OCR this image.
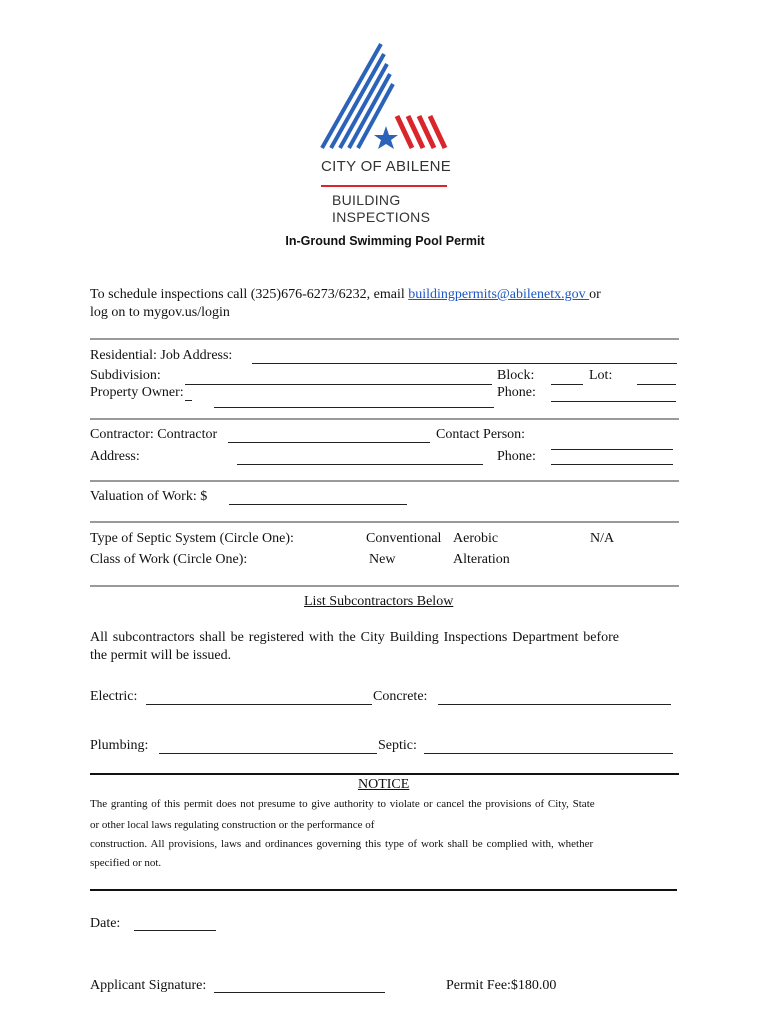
CITY OF ABILENE
BUILDING
INSPECTIONS
In-Ground Swimming Pool Permit
To schedule inspections call (325)676-6273/6232, email buildingpermits@abilenetx.gov or
log on to mygov.us/login
Residential: Job Address:
Subdivision:	Block:	Lot:
Property Owner:	Phone:
Contractor: Contractor	Contact Person:
Address:	Phone:
Valuation of Work: $
Type of Septic System (Circle One):	Conventional Aerobic	N/A
Class of Work (Circle One):	New	Alteration
List Subcontractors Below
All subcontractors shall be registered with the City Building Inspections Department before
the permit will be issued.
Electric:	Concrete:
Plumbing:	Septic:
NOTICE
The granting of this permit does not presume to give authority to violate or cancel the provisions of City, State
or other local laws regulating construction or the performance of
construction. All provisions, laws and ordinances governing this type of work shall be complied with, whether
specified or not.
Date:
Applicant Signature:	Permit Fee:$180.00
